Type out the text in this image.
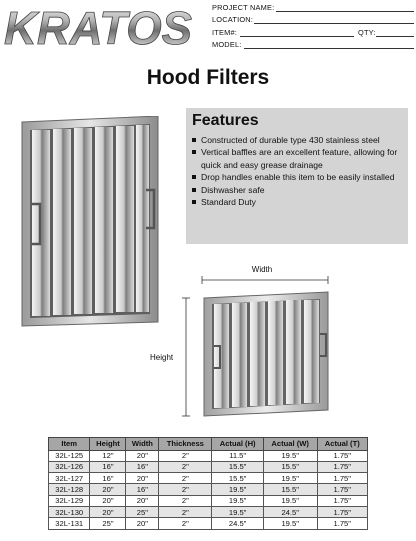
KRATOS	PROJECT NAME:
LOCATION:
ITEM#:	QTY:
MODEL:
Hood Filters
Features
Constructed of durable type 430 stainless steel
Vertical baffles are an excellent feature, allowing for quick and easy grease drainage
Drop handles enable this item to be easily installed
Dishwasher safe
Standard Duty
Width
Height
Item	Height	Width	Thickness	Actual (H)	Actual (W)	Actual (T)
32L-125	12"	20"	2"	11.5"	19.5"	1.75"
32L-126	16"	16"	2"	15.5"	15.5"	1.75"
32L-127	16"	20"	2"	15.5"	19.5"	1.75"
32L-128	20"	16"	2"	19.5"	15.5"	1.75"
32L-129	20"	20"	2"	19.5"	19.5"	1.75"
32L-130	20"	25"	2"	19.5"	24.5"	1.75"
32L-131	25"	20"	2"	24.5"	19.5"	1.75"
